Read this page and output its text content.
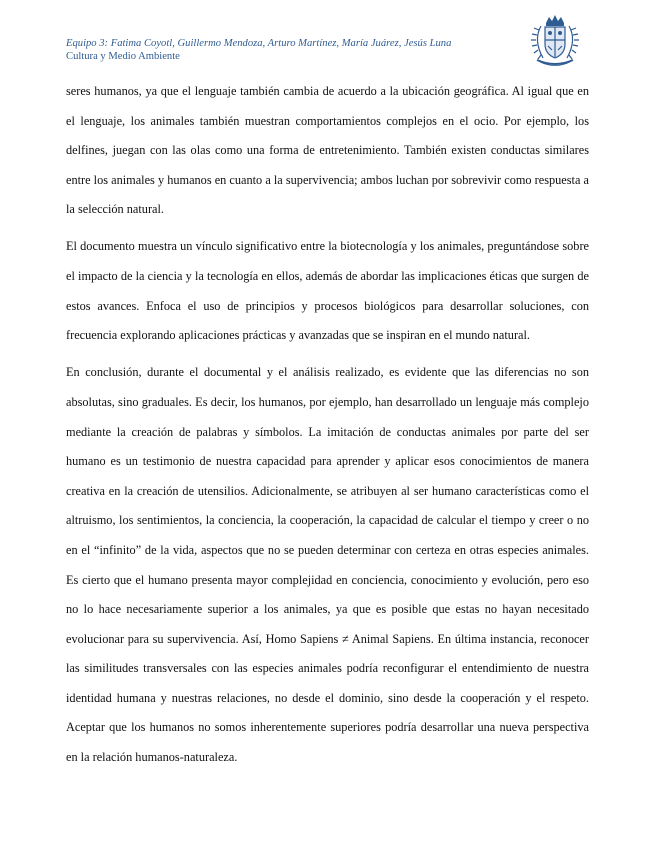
Equipo 3: Fatima Coyotl, Guillermo Mendoza, Arturo Martínez, María Juárez, Jesús Luna
Cultura y Medio Ambiente

seres humanos, ya que el lenguaje también cambia de acuerdo a la ubicación geográfica. Al igual que en el lenguaje, los animales también muestran comportamientos complejos en el ocio. Por ejemplo, los delfines, juegan con las olas como una forma de entretenimiento. También existen conductas similares entre los animales y humanos en cuanto a la supervivencia; ambos luchan por sobrevivir como respuesta a la selección natural.

El documento muestra un vínculo significativo entre la biotecnología y los animales, preguntándose sobre el impacto de la ciencia y la tecnología en ellos, además de abordar las implicaciones éticas que surgen de estos avances. Enfoca el uso de principios y procesos biológicos para desarrollar soluciones, con frecuencia explorando aplicaciones prácticas y avanzadas que se inspiran en el mundo natural.

En conclusión, durante el documental y el análisis realizado, es evidente que las diferencias no son absolutas, sino graduales. Es decir, los humanos, por ejemplo, han desarrollado un lenguaje más complejo mediante la creación de palabras y símbolos. La imitación de conductas animales por parte del ser humano es un testimonio de nuestra capacidad para aprender y aplicar esos conocimientos de manera creativa en la creación de utensilios. Adicionalmente, se atribuyen al ser humano características como el altruismo, los sentimientos, la conciencia, la cooperación, la capacidad de calcular el tiempo y creer o no en el “infinito” de la vida, aspectos que no se pueden determinar con certeza en otras especies animales. Es cierto que el humano presenta mayor complejidad en conciencia, conocimiento y evolución, pero eso no lo hace necesariamente superior a los animales, ya que es posible que estas no hayan necesitado evolucionar para su supervivencia. Así, Homo Sapiens ≠ Animal Sapiens. En última instancia, reconocer las similitudes transversales con las especies animales podría reconfigurar el entendimiento de nuestra identidad humana y nuestras relaciones, no desde el dominio, sino desde la cooperación y el respeto. Aceptar que los humanos no somos inherentemente superiores podría desarrollar una nueva perspectiva en la relación humanos-naturaleza.
